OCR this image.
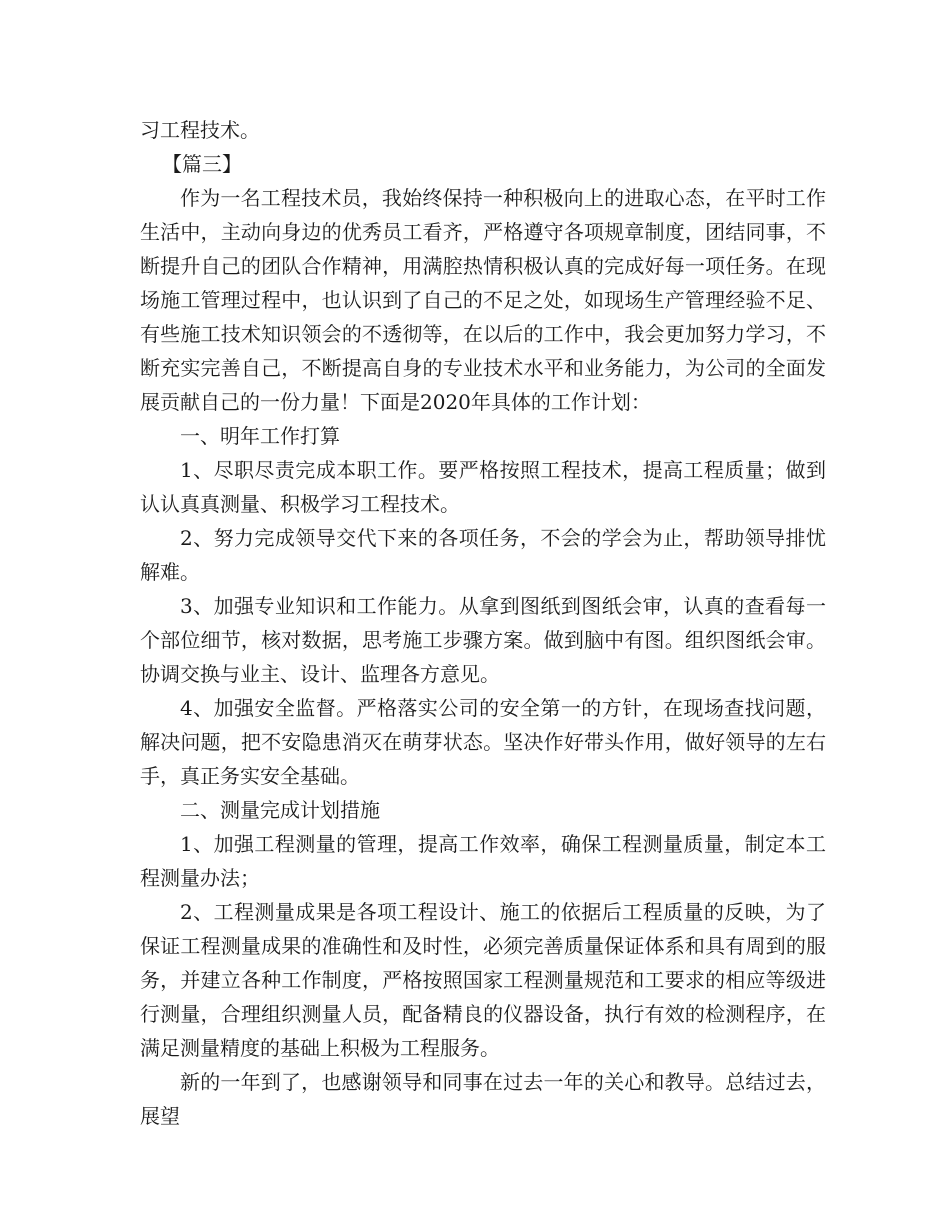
习工程技术。

【篇三】

作为一名工程技术员，我始终保持一种积极向上的进取心态，在平时工作生活中，主动向身边的优秀员工看齐，严格遵守各项规章制度，团结同事，不断提升自己的团队合作精神，用满腔热情积极认真的完成好每一项任务。在现场施工管理过程中，也认识到了自己的不足之处，如现场生产管理经验不足、有些施工技术知识领会的不透彻等，在以后的工作中，我会更加努力学习，不断充实完善自己，不断提高自身的专业技术水平和业务能力，为公司的全面发展贡献自己的一份力量！下面是2020年具体的工作计划：

一、明年工作打算

1、尽职尽责完成本职工作。要严格按照工程技术，提高工程质量；做到认认真真测量、积极学习工程技术。

2、努力完成领导交代下来的各项任务，不会的学会为止，帮助领导排忧解难。

3、加强专业知识和工作能力。从拿到图纸到图纸会审，认真的查看每一个部位细节，核对数据，思考施工步骤方案。做到脑中有图。组织图纸会审。协调交换与业主、设计、监理各方意见。

4、加强安全监督。严格落实公司的安全第一的方针，在现场查找问题，解决问题，把不安隐患消灭在萌芽状态。坚决作好带头作用，做好领导的左右手，真正务实安全基础。

二、测量完成计划措施

1、加强工程测量的管理，提高工作效率，确保工程测量质量，制定本工程测量办法；

2、工程测量成果是各项工程设计、施工的依据后工程质量的反映，为了保证工程测量成果的准确性和及时性，必须完善质量保证体系和具有周到的服务，并建立各种工作制度，严格按照国家工程测量规范和工要求的相应等级进行测量，合理组织测量人员，配备精良的仪器设备，执行有效的检测程序，在满足测量精度的基础上积极为工程服务。

新的一年到了，也感谢领导和同事在过去一年的关心和教导。总结过去，展望
